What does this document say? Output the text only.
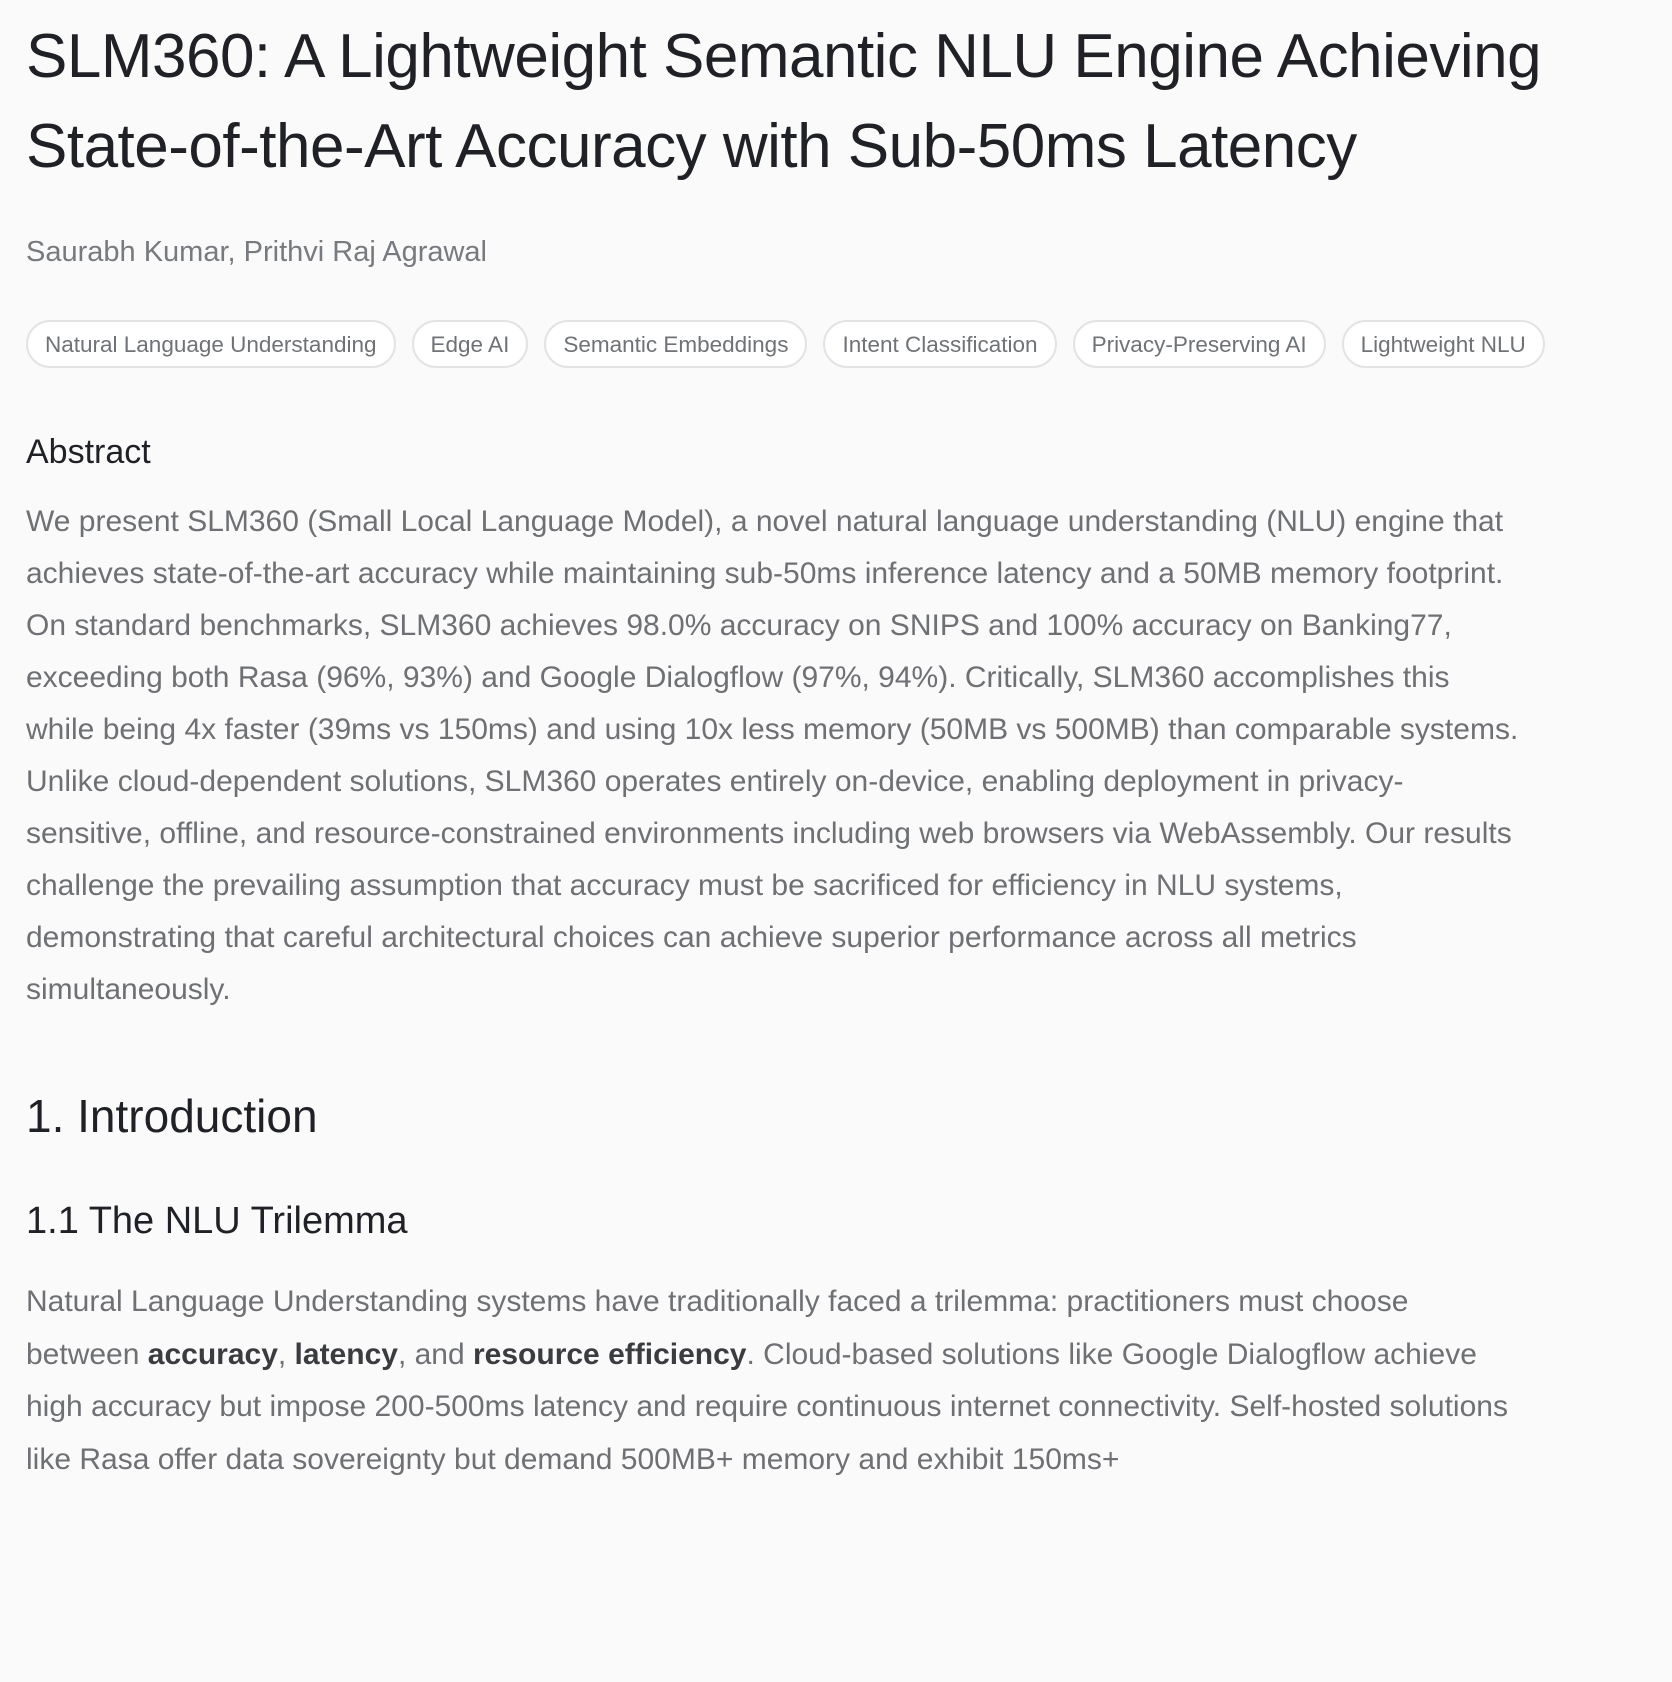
SLM360: A Lightweight Semantic NLU Engine Achieving State-of-the-Art Accuracy with Sub-50ms Latency

Saurabh Kumar, Prithvi Raj Agrawal

Natural Language Understanding	Edge AI	Semantic Embeddings	Intent Classification	Privacy-Preserving AI	Lightweight NLU
Abstract

We present SLM360 (Small Local Language Model), a novel natural language understanding (NLU) engine that achieves state-of-the-art accuracy while maintaining sub-50ms inference latency and a 50MB memory footprint. On standard benchmarks, SLM360 achieves 98.0% accuracy on SNIPS and 100% accuracy on Banking77, exceeding both Rasa (96%, 93%) and Google Dialogflow (97%, 94%). Critically, SLM360 accomplishes this while being 4x faster (39ms vs 150ms) and using 10x less memory (50MB vs 500MB) than comparable systems. Unlike cloud-dependent solutions, SLM360 operates entirely on-device, enabling deployment in privacy-sensitive, offline, and resource-constrained environments including web browsers via WebAssembly. Our results challenge the prevailing assumption that accuracy must be sacrificed for efficiency in NLU systems, demonstrating that careful architectural choices can achieve superior performance across all metrics simultaneously.

1. Introduction
1.1 The NLU Trilemma

Natural Language Understanding systems have traditionally faced a trilemma: practitioners must choose between accuracy, latency, and resource efficiency. Cloud-based solutions like Google Dialogflow achieve high accuracy but impose 200-500ms latency and require continuous internet connectivity. Self-hosted solutions like Rasa offer data sovereignty but demand 500MB+ memory and exhibit 150ms+
